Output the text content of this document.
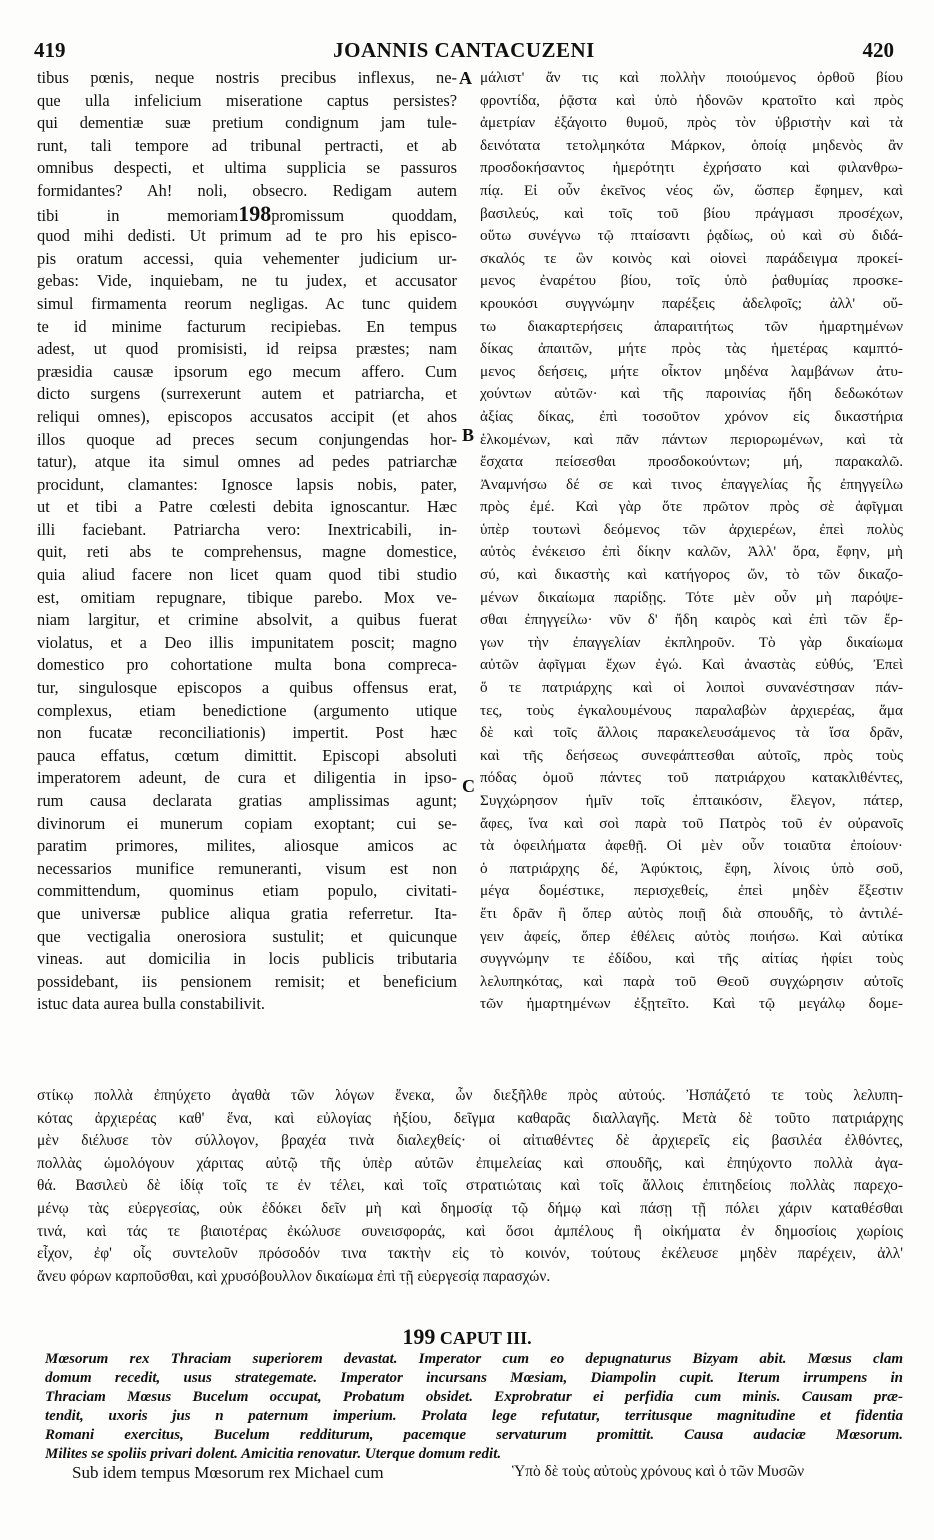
419	JOANNIS CANTACUZENI	420
tibus pœnis, neque nostris precibus inflexus, ne-
que ulla infelicium miseratione captus persistes?
qui dementiæ suæ pretium condignum jam tule-
runt, tali tempore ad tribunal pertracti, et ab
omnibus despecti, et ultima supplicia se passuros
formidantes? Ah! noli, obsecro. Redigam autem
tibi in memoriam198promissum quoddam,
quod mihi dedisti. Ut primum ad te pro his episco-
pis oratum accessi, quia vehementer judicium ur-
gebas: Vide, inquiebam, ne tu judex, et accusator
simul firmamenta reorum negligas. Ac tunc quidem
te id minime facturum recipiebas. En tempus
adest, ut quod promisisti, id reipsa præstes; nam
præsidia causæ ipsorum ego mecum affero. Cum
dicto surgens (surrexerunt autem et patriarcha, et
reliqui omnes), episcopos accusatos accipit (et ahos
illos quoque ad preces secum conjungendas hor-
tatur), atque ita simul omnes ad pedes patriarchæ
procidunt, clamantes: Ignosce lapsis nobis, pater,
ut et tibi a Patre cœlesti debita ignoscantur. Hæc
illi faciebant. Patriarcha vero: Inextricabili, in-
quit, reti abs te comprehensus, magne domestice,
quia aliud facere non licet quam quod tibi studio
est, omitiam repugnare, tibique parebo. Mox ve-
niam largitur, et crimine absolvit, a quibus fuerat
violatus, et a Deo illis impunitatem poscit; magno
domestico pro cohortatione multa bona compreca-
tur, singulosque episcopos a quibus offensus erat,
complexus, etiam benedictione (argumento utique
non fucatæ reconciliationis) impertit. Post hæc
pauca effatus, cœtum dimittit. Episcopi absoluti
imperatorem adeunt, de cura et diligentia in ipso-
rum causa declarata gratias amplissimas agunt;
divinorum ei munerum copiam exoptant; cui se-
paratim primores, milites, aliosque amicos ac
necessarios munifice remuneranti, visum est non
committendum, quominus etiam populo, civitati-
que universæ publice aliqua gratia referretur. Ita-
que vectigalia onerosiora sustulit; et quicunque
vineas. aut domicilia in locis publicis tributaria
possidebant, iis pensionem remisit; et beneficium
istuc data aurea bulla constabilivit.
μάλιστ' ἄν τις καὶ πολλὴν ποιούμενος ὀρθοῦ βίου
φροντίδα, ῥᾷστα καὶ ὑπὸ ἡδονῶν κρατοῖτο καὶ πρὸς
ἀμετρίαν ἐξάγοιτο θυμοῦ, πρὸς τὸν ὑβριστὴν καὶ τὰ
δεινότατα τετολμηκότα Μάρκον, ὁποίᾳ μηδενὸς ἂν
προσδοκήσαντος ἡμερότητι ἐχρήσατο καὶ φιλανθρω-
πίᾳ. Εἰ οὖν ἐκεῖνος νέος ὤν, ὥσπερ ἔφημεν, καὶ
βασιλεύς, καὶ τοῖς τοῦ βίου πράγμασι προσέχων,
οὕτω συνέγνω τῷ πταίσαντι ῥᾳδίως, οὐ καὶ σὺ διδά-
σκαλός τε ὢν κοινὸς καὶ οἱονεὶ παράδειγμα προκεί-
μενος ἐναρέτου βίου, τοῖς ὑπὸ ῥαθυμίας προσκε-
κρουκόσι συγγνώμην παρέξεις ἀδελφοῖς; ἀλλ' οὔ-
τω διακαρτερήσεις ἀπαραιτήτως τῶν ἡμαρτημένων
δίκας ἀπαιτῶν, μήτε πρὸς τὰς ἡμετέρας καμπτό-
μενος δεήσεις, μήτε οἶκτον μηδένα λαμβάνων ἀτυ-
χούντων αὐτῶν· καὶ τῆς παροινίας ἤδη δεδωκότων
ἀξίας δίκας, ἐπὶ τοσοῦτον χρόνον εἰς δικαστήρια
ἑλκομένων, καὶ πᾶν πάντων περιορωμένων, καὶ τὰ
ἔσχατα πείσεσθαι προσδοκούντων; μή, παρακαλῶ.
Ἀναμνήσω δέ σε καὶ τινος ἐπαγγελίας ἧς ἐπηγγείλω
πρὸς ἐμέ. Καὶ γὰρ ὅτε πρῶτον πρὸς σὲ ἀφῖγμαι
ὑπὲρ τουτωνὶ δεόμενος τῶν ἀρχιερέων, ἐπεὶ πολὺς
αὐτὸς ἐνέκεισο ἐπὶ δίκην καλῶν, Ἀλλ' ὅρα, ἔφην, μὴ
σύ, καὶ δικαστὴς καὶ κατήγορος ὤν, τὸ τῶν δικαζο-
μένων δικαίωμα παρίδῃς. Τότε μὲν οὖν μὴ παρόψε-
σθαι ἐπηγγείλω· νῦν δ' ἤδη καιρὸς καὶ ἐπὶ τῶν ἔρ-
γων τὴν ἐπαγγελίαν ἐκπληροῦν. Τὸ γὰρ δικαίωμα
αὐτῶν ἀφῖγμαι ἔχων ἐγώ. Καὶ ἀναστὰς εὐθύς, Ἐπεὶ
ὅ τε πατριάρχης καὶ οἱ λοιποὶ συνανέστησαν πάν-
τες, τοὺς ἐγκαλουμένους παραλαβὼν ἀρχιερέας, ἅμα
δὲ καὶ τοῖς ἄλλοις παρακελευσάμενος τὰ ἴσα δρᾶν,
καὶ τῆς δεήσεως συνεφάπτεσθαι αὐτοῖς, πρὸς τοὺς
πόδας ὁμοῦ πάντες τοῦ πατριάρχου κατακλιθέντες,
Συγχώρησον ἡμῖν τοῖς ἐπταικόσιν, ἔλεγον, πάτερ,
ἄφες, ἵνα καὶ σοὶ παρὰ τοῦ Πατρὸς τοῦ ἐν οὐρανοῖς
τὰ ὀφειλήματα ἀφεθῇ. Οἱ μὲν οὖν τοιαῦτα ἐποίουν·
ὁ πατριάρχης δέ, Ἀφύκτοις, ἔφη, λίνοις ὑπὸ σοῦ,
μέγα δομέστικε, περισχεθείς, ἐπεὶ μηδὲν ἔξεστιν
ἔτι δρᾶν ἢ ὅπερ αὐτὸς ποιῇ διὰ σπουδῆς, τὸ ἀντιλέ-
γειν ἀφείς, ὅπερ ἐθέλεις αὐτὸς ποιήσω. Καὶ αὐτίκα
συγγνώμην τε ἐδίδου, καὶ τῆς αἰτίας ἠφίει τοὺς
λελυπηκότας, καὶ παρὰ τοῦ Θεοῦ συγχώρησιν αὐτοῖς
τῶν ἡμαρτημένων ἐξῃτεῖτο. Καὶ τῷ μεγάλῳ δομε-
A
B
C
στίκῳ πολλὰ ἐπηύχετο ἀγαθὰ τῶν λόγων ἕνεκα, ὧν διεξῆλθε πρὸς αὐτούς. Ἠσπάζετό τε τοὺς λελυπη-
κότας ἀρχιερέας καθ' ἕνα, καὶ εὐλογίας ἠξίου, δεῖγμα καθαρᾶς διαλλαγῆς. Μετὰ δὲ τοῦτο πατριάρχης
μὲν διέλυσε τὸν σύλλογον, βραχέα τινὰ διαλεχθείς· οἱ αἰτιαθέντες δὲ ἀρχιερεῖς εἰς βασιλέα ἐλθόντες,
πολλὰς ὡμολόγουν χάριτας αὐτῷ τῆς ὑπὲρ αὐτῶν ἐπιμελείας καὶ σπουδῆς, καὶ ἐπηύχοντο πολλὰ ἀγα-
θά. Βασιλεὺ δὲ ἰδίᾳ τοῖς τε ἐν τέλει, καὶ τοῖς στρατιώταις καὶ τοῖς ἄλλοις ἐπιτηδείοις πολλὰς παρεχο-
μένῳ τὰς εὐεργεσίας, οὐκ ἐδόκει δεῖν μὴ καὶ δημοσίᾳ τῷ δήμῳ καὶ πάσῃ τῇ πόλει χάριν καταθέσθαι
τινά, καὶ τάς τε βιαιοτέρας ἐκώλυσε συνεισφοράς, καὶ ὅσοι ἀμπέλους ἢ οἰκήματα ἐν δημοσίοις χωρίοις
εἶχον, ἐφ' οἷς συντελοῦν πρόσοδόν τινα τακτὴν εἰς τὸ κοινόν, τούτους ἐκέλευσε μηδὲν παρέχειν, ἀλλ'
ἄνευ φόρων καρποῦσθαι, καὶ χρυσόβουλλον δικαίωμα ἐπὶ τῇ εὐεργεσίᾳ παρασχών.
199 CAPUT III.
Mœsorum rex Thraciam superiorem devastat. Imperator cum eo depugnaturus Bizyam abit. Mœsus clam
domum recedit, usus strategemate. Imperator incursans Mœsiam, Diampolin cupit. Iterum irrumpens in
Thraciam Mœsus Bucelum occupat, Probatum obsidet. Exprobratur ei perfidia cum minis. Causam præ-
tendit, uxoris jus n paternum imperium. Prolata lege refutatur, territusque magnitudine et fidentia
Romani exercitus, Bucelum redditurum, pacemque servaturum promittit. Causa audaciæ Mœsorum.
Milites se spoliis privari dolent. Amicitia renovatur. Uterque domum redit.
Sub idem tempus Mœsorum rex Michael cum	Ὑπὸ δὲ τοὺς αὐτοὺς χρόνους καὶ ὁ τῶν Μυσῶν
